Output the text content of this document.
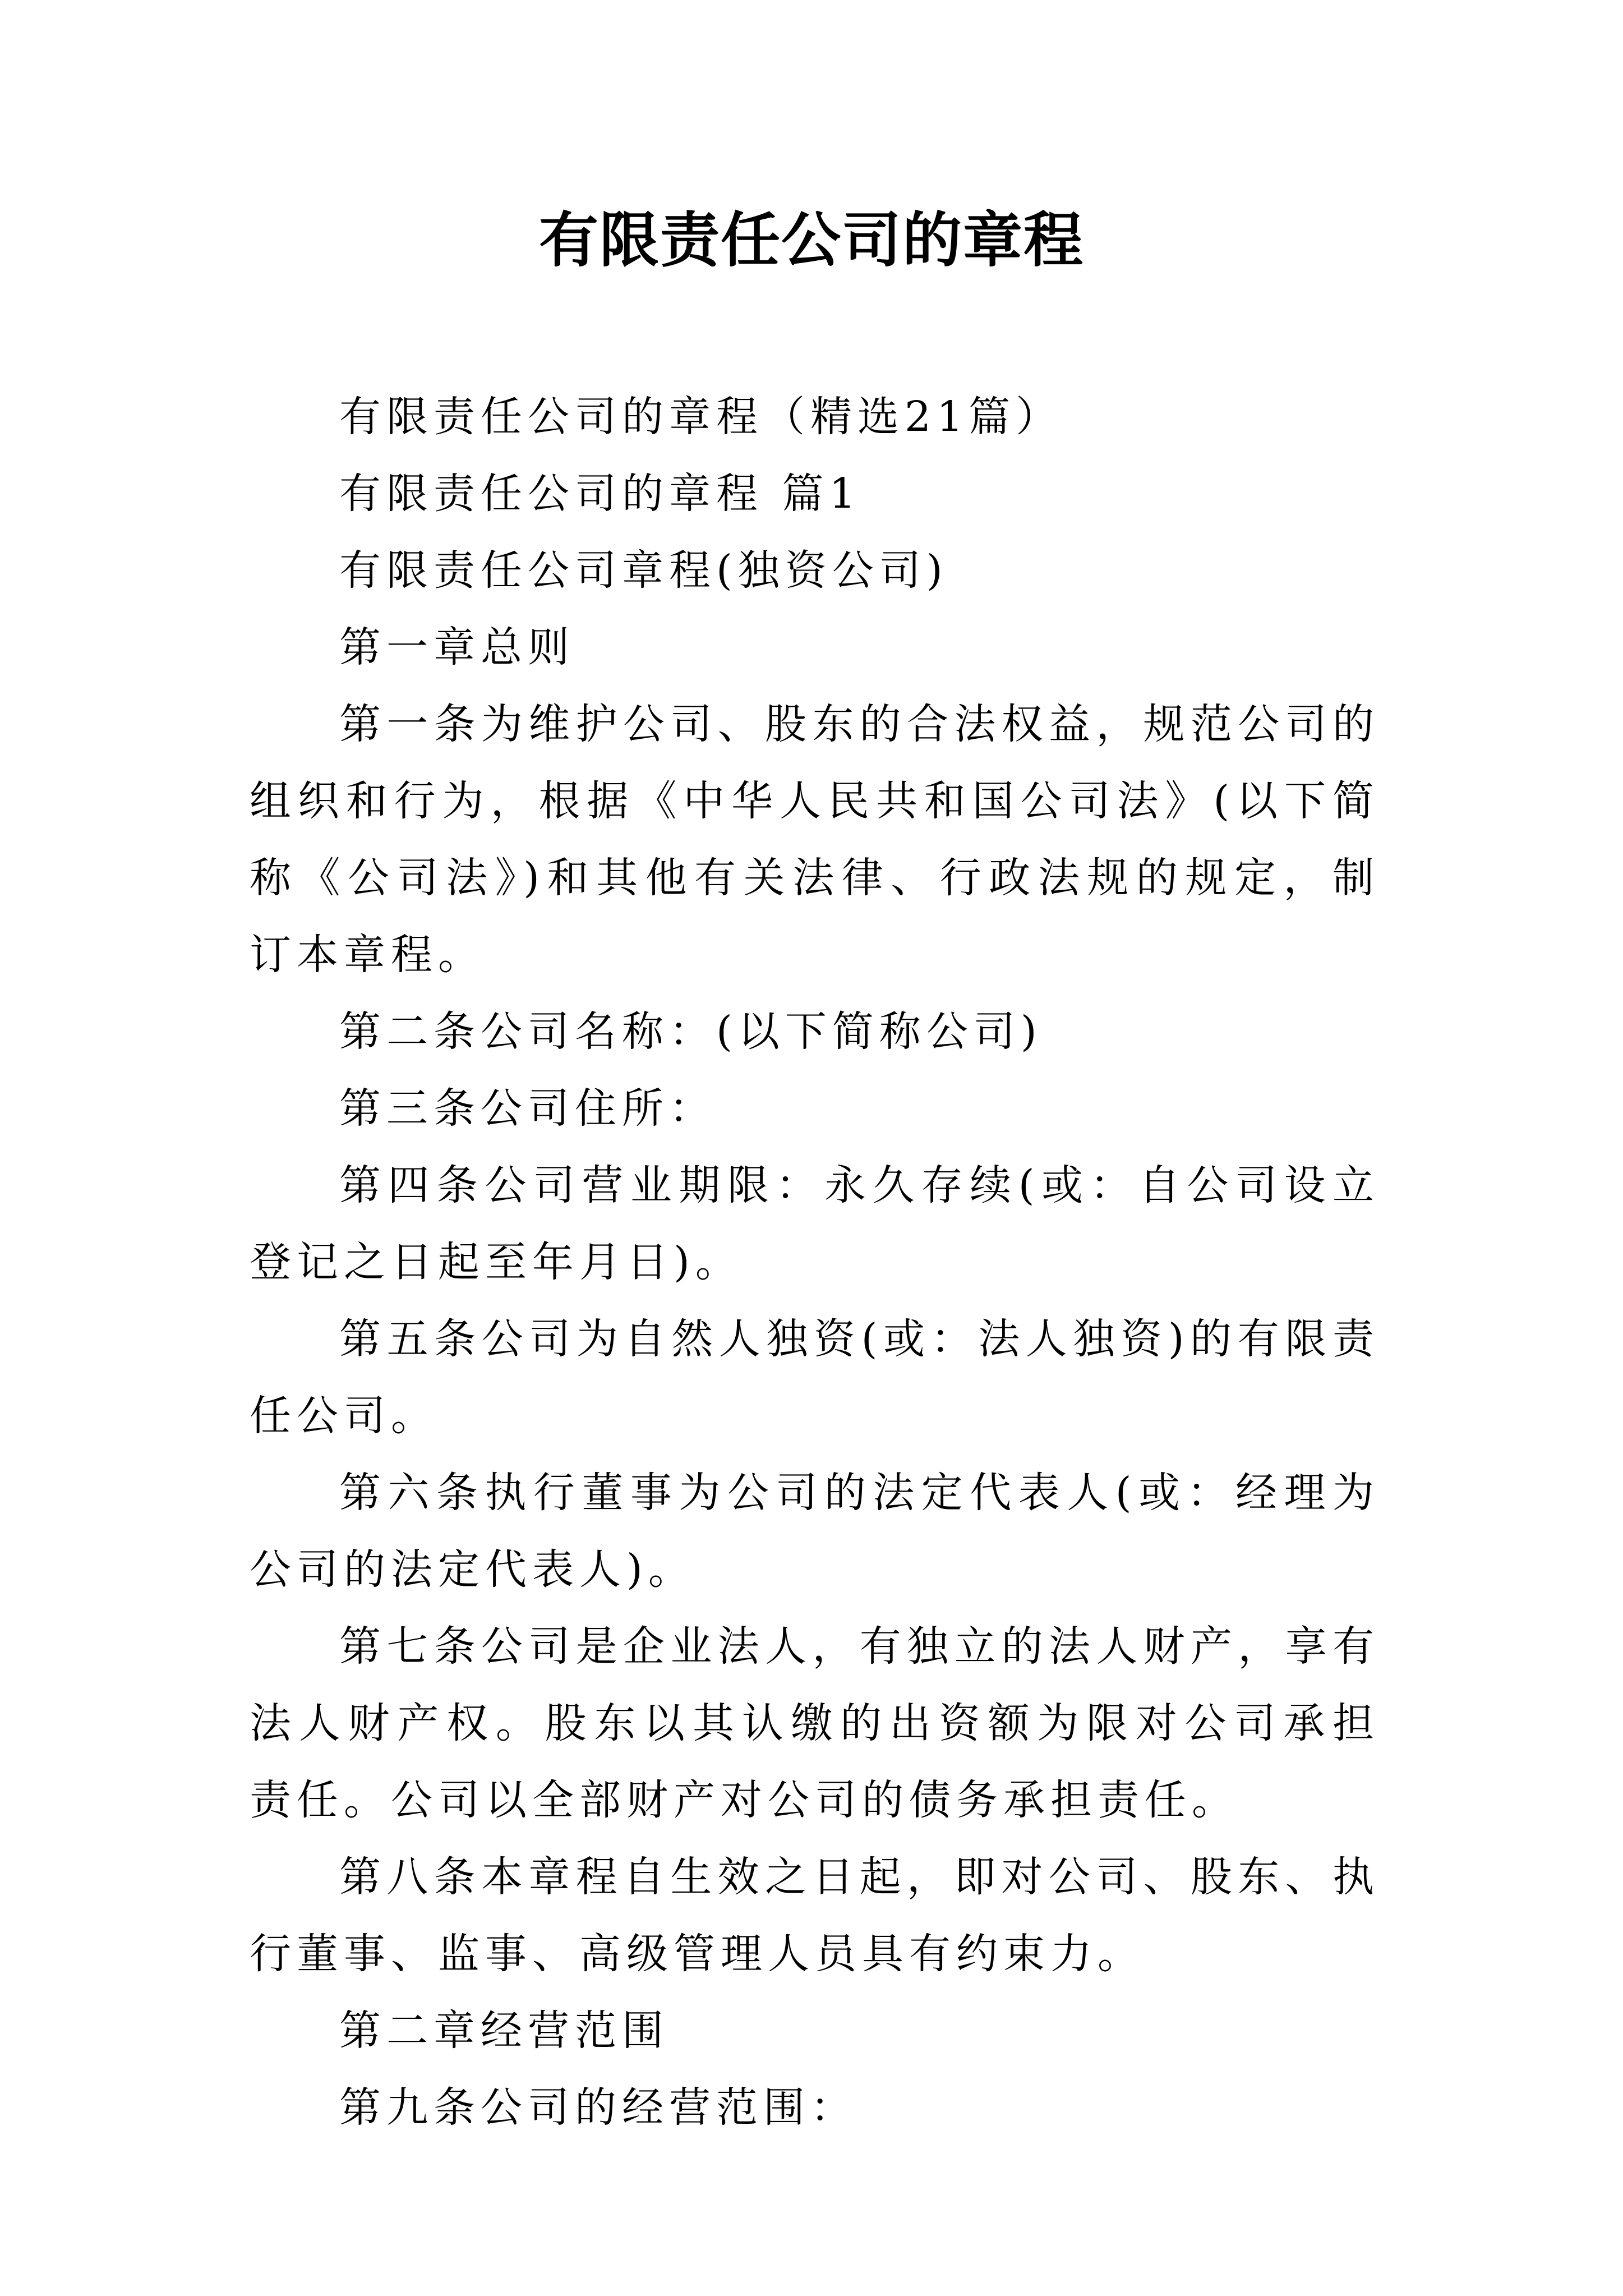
有限责任公司的章程

有限责任公司的章程（精选21篇）

有限责任公司的章程 篇1

有限责任公司章程(独资公司)

第一章总则

第一条为维护公司、股东的合法权益，规范公司的组织和行为，根据《中华人民共和国公司法》(以下简称《公司法》)和其他有关法律、行政法规的规定，制订本章程。

第二条公司名称：(以下简称公司)

第三条公司住所：

第四条公司营业期限：永久存续(或：自公司设立登记之日起至年月日)。

第五条公司为自然人独资(或：法人独资)的有限责任公司。

第六条执行董事为公司的法定代表人(或：经理为公司的法定代表人)。

第七条公司是企业法人，有独立的法人财产，享有法人财产权。股东以其认缴的出资额为限对公司承担责任。公司以全部财产对公司的债务承担责任。

第八条本章程自生效之日起，即对公司、股东、执行董事、监事、高级管理人员具有约束力。

第二章经营范围

第九条公司的经营范围：
